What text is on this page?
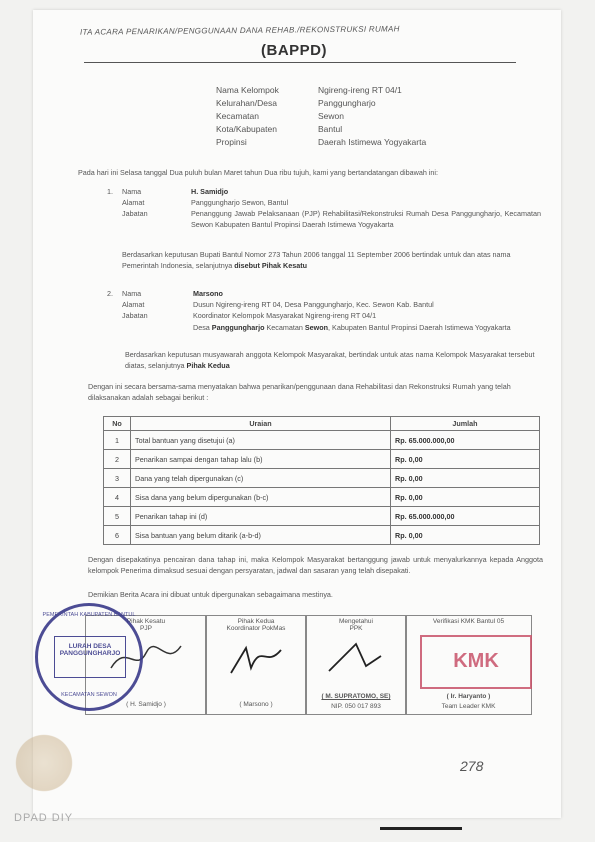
ITA ACARA PENARIKAN/PENGGUNAAN DANA REHAB./REKONSTRUKSI RUMAH
(BAPPD)
Nama Kelompok	Ngireng-ireng RT 04/1
Kelurahan/Desa	Panggungharjo
Kecamatan	Sewon
Kota/Kabupaten	Bantul
Propinsi	Daerah Istimewa Yogyakarta
Pada hari ini Selasa tanggal Dua puluh bulan Maret tahun Dua ribu tujuh, kami yang bertandatangan dibawah ini:
1. Nama	H. Samidjo
Alamat	Panggungharjo Sewon, Bantul
Jabatan	Penanggung Jawab Pelaksanaan (PJP) Rehabilitasi/Rekonstruksi Rumah Desa Panggungharjo, Kecamatan Sewon Kabupaten Bantul Propinsi Daerah Istimewa Yogyakarta
Berdasarkan keputusan Bupati Bantul Nomor 273 Tahun 2006 tanggal 11 September 2006 bertindak untuk dan atas nama Pemerintah Indonesia, selanjutnya disebut Pihak Kesatu
2. Nama	Marsono
Alamat	Dusun Ngireng-ireng RT 04, Desa Panggungharjo, Kec. Sewon Kab. Bantul
Jabatan	Koordinator Kelompok Masyarakat Ngireng-ireng RT 04/1
Desa Panggungharjo Kecamatan Sewon, Kabupaten Bantul Propinsi Daerah Istimewa Yogyakarta
Berdasarkan keputusan musyawarah anggota Kelompok Masyarakat, bertindak untuk atas nama Kelompok Masyarakat tersebut diatas, selanjutnya Pihak Kedua
Dengan ini secara bersama-sama menyatakan bahwa penarikan/penggunaan dana Rehabilitasi dan Rekonstruksi Rumah yang telah dilaksanakan adalah sebagai berikut :
No	Uraian	Jumlah
1	Total bantuan yang disetujui (a)	Rp. 65.000.000,00
2	Penarikan sampai dengan tahap lalu (b)	Rp. 0,00
3	Dana yang telah dipergunakan (c)	Rp. 0,00
4	Sisa dana yang belum dipergunakan (b-c)	Rp. 0,00
5	Penarikan tahap ini (d)	Rp. 65.000.000,00
6	Sisa bantuan yang belum ditarik (a-b-d)	Rp. 0,00
Dengan disepakatinya pencairan dana tahap ini, maka Kelompok Masyarakat bertanggung jawab untuk menyalurkannya kepada Anggota kelompok Penerima dimaksud sesuai dengan persyaratan, jadwal dan sasaran yang telah disepakati.
Demikian Berita Acara ini dibuat untuk dipergunakan sebagaimana mestinya.
Pihak Kesatu
PJP
( H. Samidjo )
Pihak Kedua
Koordinator PokMas
( Marsono )
Mengetahui
PPK
( M. SUPRATOMO, SE)
NIP. 050 017 893
Verifikasi KMK Bantul 05
( Ir. Haryanto )
Team Leader KMK
KMK
PEMERINTAH KABUPATEN BANTUL
LURAH DESA PANGGUNGHARJO
KECAMATAN SEWON
278
DPAD DIY
